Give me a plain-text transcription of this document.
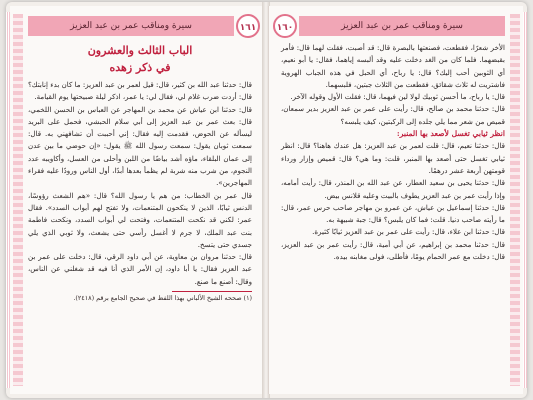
سيرة ومناقب عمر بن عبد العزيز	١٦١
الباب الثالث والعشرون
في ذكر زهده

قال: حدثنا عبد الله بن كثير، قال: قيل لعمر بن عبد العزيز: ما كان بدء إنابتك؟ قال: أردت ضرب غلام لي، فقال لي: يا عمر، اذكر ليلة صبيحتها يوم القيامة.

قال: حدثنا ابن عياش عن محمد بن المهاجر عن العباس بن الحسن اللخمي، قال: بعث عمر بن عبد العزيز إلى أبي سلام الحبشي، فحمل على البريد ليسأله عن الحوض، فقدمت إليه فقال: إني أحببت أن تشافهني به. قال: سمعت ثوبان يقول: سمعت رسول الله ﷺ يقول: «إن حوضي ما بين عدن إلى عمان البلقاء، ماؤه أشد بياضًا من اللبن وأحلى من العسل، وأكاويبه عدد النجوم، من شرب منه شربة لم يظمأ بعدها أبدًا، أول الناس ورودًا عليه فقراء المهاجرين».

قال عمر بن الخطاب: من هم يا رسول الله؟ قال: «هم الشعث رؤوسًا، الدنس ثيابًا، الذين لا ينكحون المتنعمات، ولا تفتح لهم أبواب السدد». فقال عمر: لكني قد نكحت المتنعمات، وفتحت لي أبواب السدد، ونكحت فاطمة بنت عبد الملك، لا جرم لا أغسل رأسي حتى يشعث، ولا ثوبي الذي يلي جسدي حتى يتسخ.

قال: حدثنا مروان بن معاوية، عن أبي داود الرقي، قال: دخلت على عمر بن عبد العزيز فقال: يا أبا داود، إن الأمر الذي أنا فيه قد شغلني عن الناس، وقال: أصنع ما صنع.

(١) صححه الشيخ الألباني بهذا اللفظ في صحيح الجامع برقم (٢٤١٨).

سيرة ومناقب عمر بن عبد العزيز
١٦٠

الأخر شعرًا، فقطعت، فصنعتها بالبصرة قال: قد أصبت، فقلت لهما قال: فأمر بقبضهما. فلما كان من الغد دخلت عليه وقد ألبسه إياهما، فقال: يا أبو نعيم، أي الثوبين أحب إليك؟ قال: يا رباح، أي الحبل في هذه الجباب الهروية فاشتريت له ثلاث شقائق، فقطعت من الثلاث جبتين، فلبسهما.

قال: يا رباح، ما أحسن ثوبيك لولا لين فيهما، قال: فقلت الأول وقوله الآخر.

قال: حدثنا محمد بن صالح، قال: رأيت على عمر بن عبد العزيز بدير سمعان، قميص من شعر مما يلي جلده إلى الركبتين، كيف يلبسه؟

انظر ثيابي تغسل لأصعد بها المنبر:

قال: حدثنا نعيم، قال: قلت لعمر بن عبد العزيز: هل عندك هاهنا؟ قال: انظر ثيابي تغسل حتى أصعد بها المنبر، قلت: وما هي؟ قال: قميص وإزار ورداء قومتهن أربعة عشر درهمًا.

قال: حدثنا يحيى بن سعيد العطار، عن عبد الله بن المنذر، قال: رأيت أمامه، وإذا رأيت عمر بن عبد العزيز يطوف بالبيت وعليه قلانس بيض.

قال: حدثنا إسماعيل بن عياش، عن عمرو بن مهاجر صاحب حرس عمر، قال: ما رأيته صاحب دنيا. قلت: فما كان يلبس؟ قال: جبة شبيهة به.

قال: حدثنا ابن علاء، قال: رأيت على عمر بن عبد العزيز ثيابًا كثيرة.

قال: حدثنا محمد بن إبراهيم، عن أبي أمية، قال: رأيت عمر بن عبد العزيز، قال: دخلت مع عمر الحمام يومًا، فأطلى، فولى مغابنه بيده.
